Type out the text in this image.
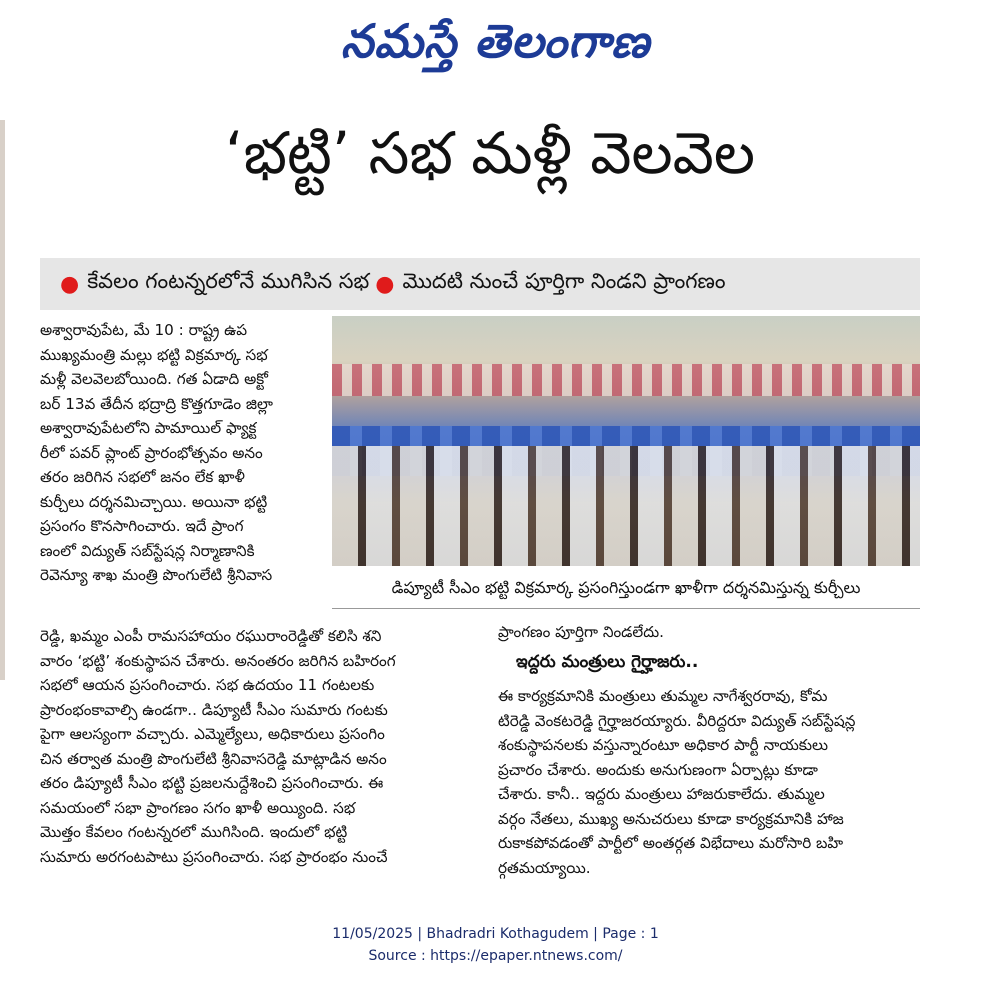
నమస్తే తెలంగాణ
‘భట్టి’ సభ మళ్లీ వెలవెల
● కేవలం గంటన్నరలోనే ముగిసిన సభ ● మొదటి నుంచే పూర్తిగా నిండని ప్రాంగణం
డిప్యూటీ సీఎం భట్టి విక్రమార్క ప్రసంగిస్తుండగా ఖాళీగా దర్శనమిస్తున్న కుర్చీలు
అశ్వారావుపేట, మే 10 : రాష్ట్ర ఉప
ముఖ్యమంత్రి మల్లు భట్టి విక్రమార్క సభ
మళ్లీ వెలవెలబోయింది. గత ఏడాది అక్టో
బర్ 13వ తేదీన భద్రాద్రి కొత్తగూడెం జిల్లా
అశ్వారావుపేటలోని పామాయిల్ ఫ్యాక్ట
రీలో పవర్ ప్లాంట్ ప్రారంభోత్సవం అనం
తరం జరిగిన సభలో జనం లేక ఖాళీ
కుర్చీలు దర్శనమిచ్చాయి. అయినా భట్టి
ప్రసంగం కొనసాగించారు. ఇదే ప్రాంగ
ణంలో విద్యుత్ సబ్‌స్టేషన్ల నిర్మాణానికి
రెవెన్యూ శాఖ మంత్రి పొంగులేటి శ్రీనివాస
రెడ్డి, ఖమ్మం ఎంపీ రామసహాయం రఘురాంరెడ్డితో కలిసి శని
వారం ‘భట్టి’ శంకుస్థాపన చేశారు. అనంతరం జరిగిన బహిరంగ
సభలో ఆయన ప్రసంగించారు. సభ ఉదయం 11 గంటలకు
ప్రారంభంకావాల్సి ఉండగా.. డిప్యూటీ సీఎం సుమారు గంటకు
పైగా ఆలస్యంగా వచ్చారు. ఎమ్మెల్యేలు, అధికారులు ప్రసంగిం
చిన తర్వాత మంత్రి పొంగులేటి శ్రీనివాసరెడ్డి మాట్లాడిన అనం
తరం డిప్యూటీ సీఎం భట్టి ప్రజలనుద్దేశించి ప్రసంగించారు. ఈ
సమయంలో సభా ప్రాంగణం సగం ఖాళీ అయ్యింది. సభ
మొత్తం కేవలం గంటన్నరలో ముగిసింది. ఇందులో భట్టి
సుమారు అరగంటపాటు ప్రసంగించారు. సభ ప్రారంభం నుంచే
ప్రాంగణం పూర్తిగా నిండలేదు.
ఇద్దరు మంత్రులు గైర్హాజరు..
ఈ కార్యక్రమానికి మంత్రులు తుమ్మల నాగేశ్వరరావు, కోమ
టిరెడ్డి వెంకటరెడ్డి గైర్హాజరయ్యారు. వీరిద్దరూ విద్యుత్ సబ్‌స్టేషన్ల
శంకుస్థాపనలకు వస్తున్నారంటూ అధికార పార్టీ నాయకులు
ప్రచారం చేశారు. అందుకు అనుగుణంగా ఏర్పాట్లు కూడా
చేశారు. కానీ.. ఇద్దరు మంత్రులు హాజరుకాలేదు. తుమ్మల
వర్గం నేతలు, ముఖ్య అనుచరులు కూడా కార్యక్రమానికి హాజ
రుకాకపోవడంతో పార్టీలో అంతర్గత విభేదాలు మరోసారి బహి
ర్గతమయ్యాయి.
11/05/2025 | Bhadradri Kothagudem | Page : 1
Source : https://epaper.ntnews.com/
